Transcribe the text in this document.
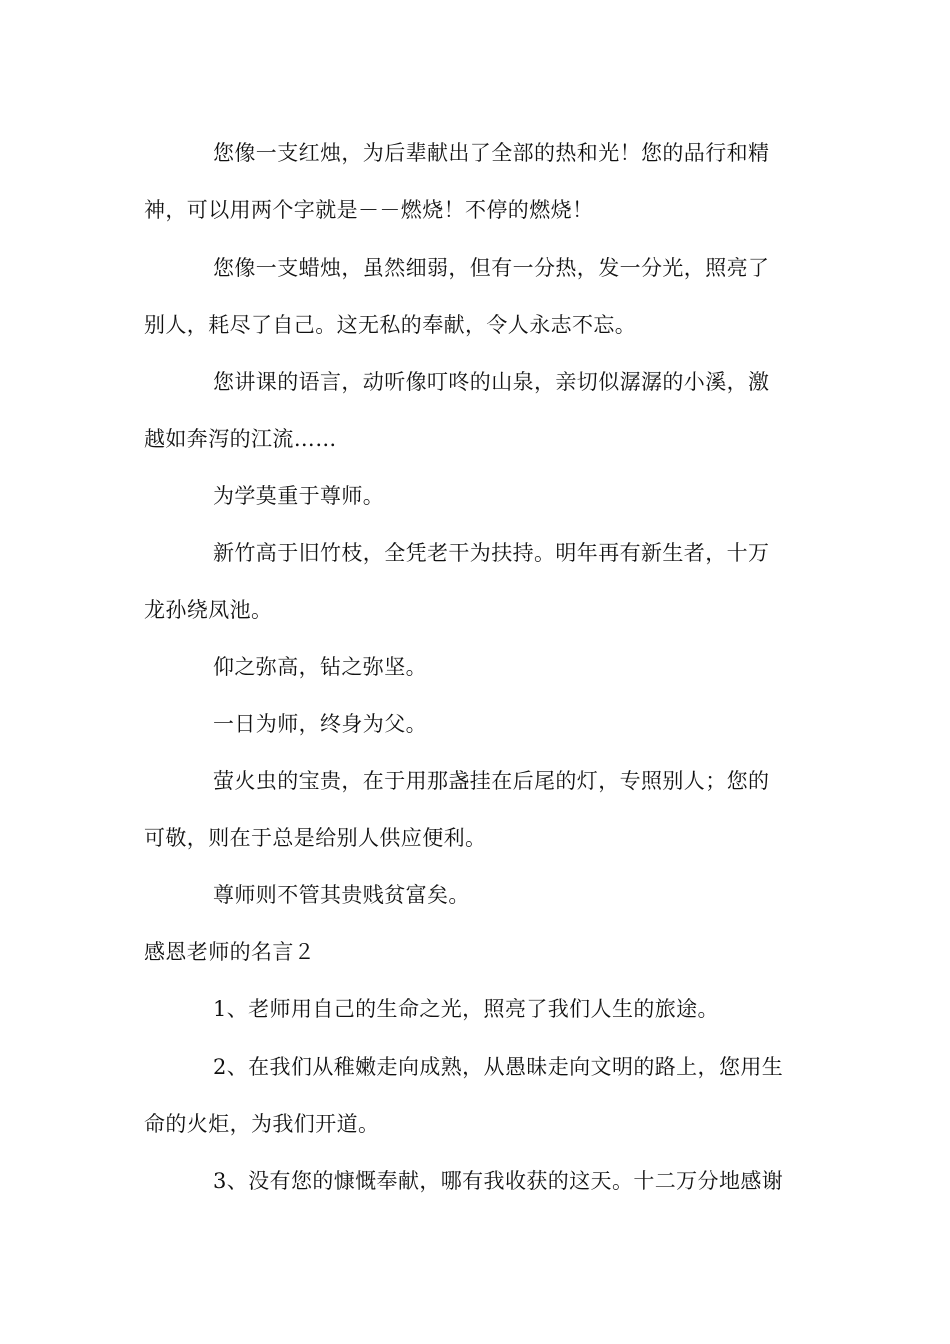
您像一支红烛，为后辈献出了全部的热和光！您的品行和精
神，可以用两个字就是－－燃烧！不停的燃烧！
您像一支蜡烛，虽然细弱，但有一分热，发一分光，照亮了
别人，耗尽了自己。这无私的奉献，令人永志不忘。
您讲课的语言，动听像叮咚的山泉，亲切似潺潺的小溪，激
越如奔泻的江流……
为学莫重于尊师。
新竹高于旧竹枝，全凭老干为扶持。明年再有新生者，十万
龙孙绕凤池。
仰之弥高，钻之弥坚。
一日为师，终身为父。
萤火虫的宝贵，在于用那盏挂在后尾的灯，专照别人；您的
可敬，则在于总是给别人供应便利。
尊师则不管其贵贱贫富矣。
感恩老师的名言２
1、老师用自己的生命之光，照亮了我们人生的旅途。
2、在我们从稚嫩走向成熟，从愚昧走向文明的路上，您用生
命的火炬，为我们开道。
3、没有您的慷慨奉献，哪有我收获的这天。十二万分地感谢
